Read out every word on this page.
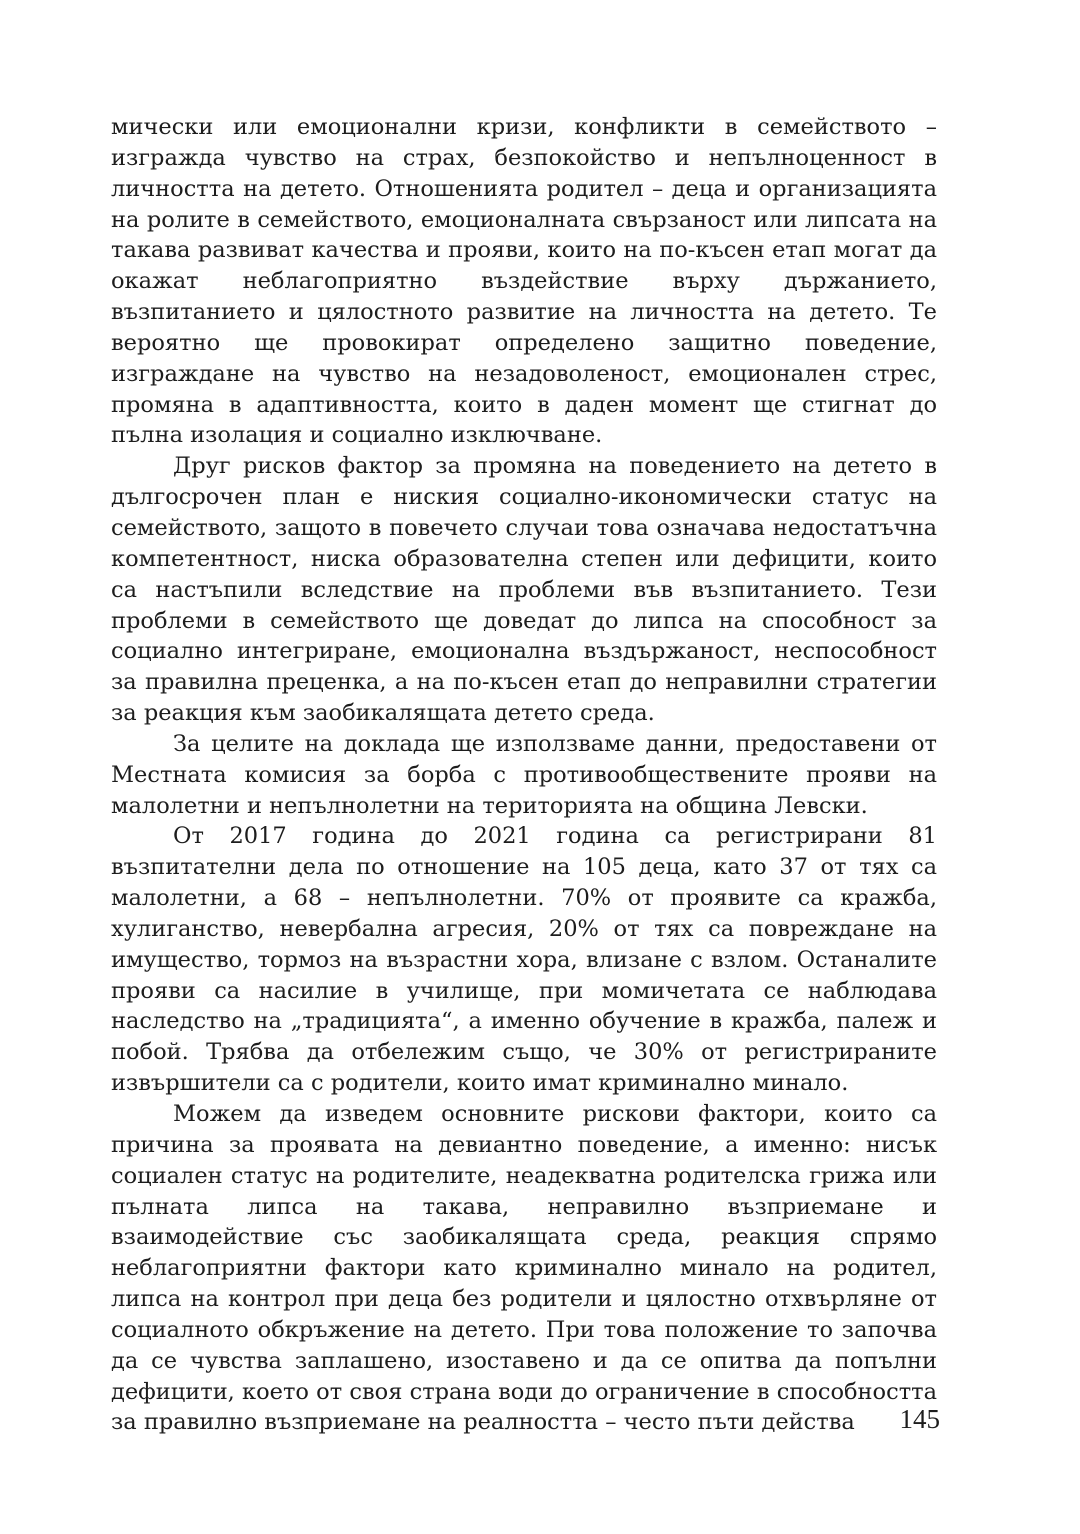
мически или емоционални кризи, конфликти в семейството – изгражда чувство на страх, безпокойство и непълноценност в личността на детето. Отношенията родител – деца и организацията на ролите в семейството, емоционалната свързаност или липсата на такава развиват качества и прояви, които на по-късен етап могат да окажат неблагоприятно въздействие върху държанието, възпитанието и цялостното развитие на личността на детето. Те вероятно ще провокират определено защитно поведение, изграждане на чувство на незадоволеност, емоционален стрес, промяна в адаптивността, които в даден момент ще стигнат до пълна изолация и социално изключване.

Друг рисков фактор за промяна на поведението на детето в дългосрочен план е ниския социално-икономически статус на семейството, защото в повечето случаи това означава недостатъчна компетентност, ниска образователна степен или дефицити, които са настъпили вследствие на проблеми във възпитанието. Тези проблеми в семейството ще доведат до липса на способност за социално интегриране, емоционална въздържаност, неспособност за правилна преценка, а на по-късен етап до неправилни стратегии за реакция към заобикалящата детето среда.

За целите на доклада ще използваме данни, предоставени от Местната комисия за борба с противообществените прояви на малолетни и непълнолетни на територията на община Левски.

От 2017 година до 2021 година са регистрирани 81 възпитателни дела по отношение на 105 деца, като 37 от тях са малолетни, а 68 – непълнолетни. 70% от проявите са кражба, хулиганство, невербална агресия, 20% от тях са повреждане на имущество, тормоз на възрастни хора, влизане с взлом. Останалите прояви са насилие в училище, при момичетата се наблюдава наследство на „традицията“, а именно обучение в кражба, палеж и побой. Трябва да отбележим също, че 30% от регистрираните извършители са с родители, които имат криминално минало.

Можем да изведем основните рискови фактори, които са причина за проявата на девиантно поведение, а именно: нисък социален статус на родителите, неадекватна родителска грижа или пълната липса на такава, неправилно възприемане и взаимодействие със заобикалящата среда, реакция спрямо неблагоприятни фактори като криминално минало на родител, липса на контрол при деца без родители и цялостно отхвърляне от социалното обкръжение на детето. При това положение то започва да се чувства заплашено, изоставено и да се опитва да попълни дефицити, което от своя страна води до ограничение в способността за правилно възприемане на реалността – често пъти действа	145
